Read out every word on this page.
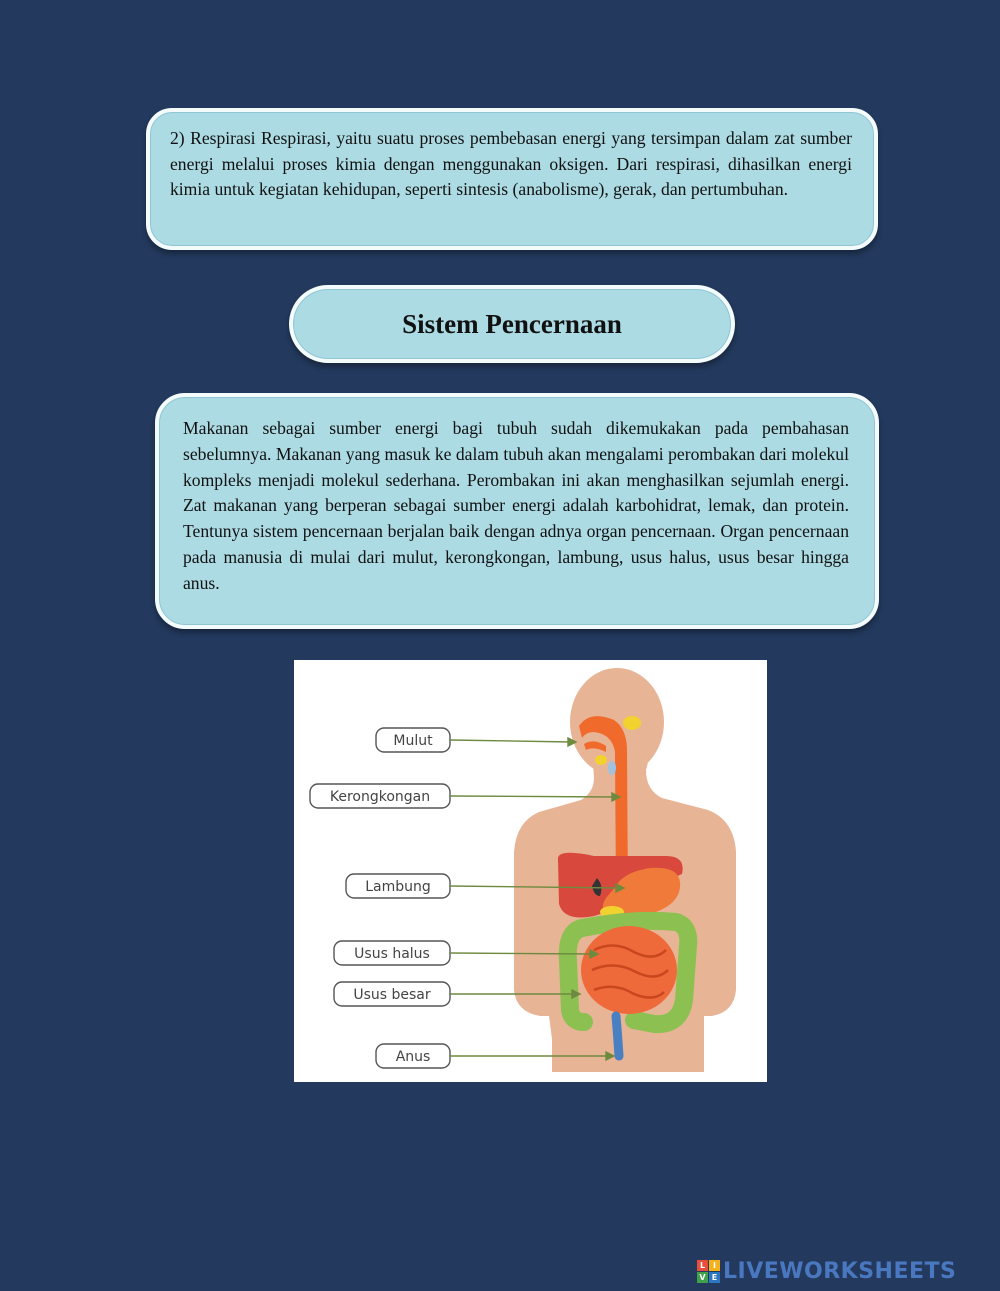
2) Respirasi Respirasi, yaitu suatu proses pembebasan energi yang tersimpan dalam zat sumber energi melalui proses kimia dengan menggunakan oksigen. Dari respirasi, dihasilkan energi kimia untuk kegiatan kehidupan, seperti sintesis (anabolisme), gerak, dan pertumbuhan.
Sistem Pencernaan
Makanan sebagai sumber energi bagi tubuh sudah dikemukakan pada pembahasan sebelumnya. Makanan yang masuk ke dalam tubuh akan mengalami perombakan dari molekul kompleks menjadi molekul sederhana. Perombakan ini akan menghasilkan sejumlah energi. Zat makanan yang berperan sebagai sumber energi adalah karbohidrat, lemak, dan protein. Tentunya sistem pencernaan berjalan baik dengan adnya organ pencernaan. Organ pencernaan pada manusia di mulai dari mulut, kerongkongan, lambung, usus halus, usus besar hingga anus.
Mulut
Kerongkongan
Lambung
Usus halus
Usus besar
Anus
L I
V E LIVEWORKSHEETS
